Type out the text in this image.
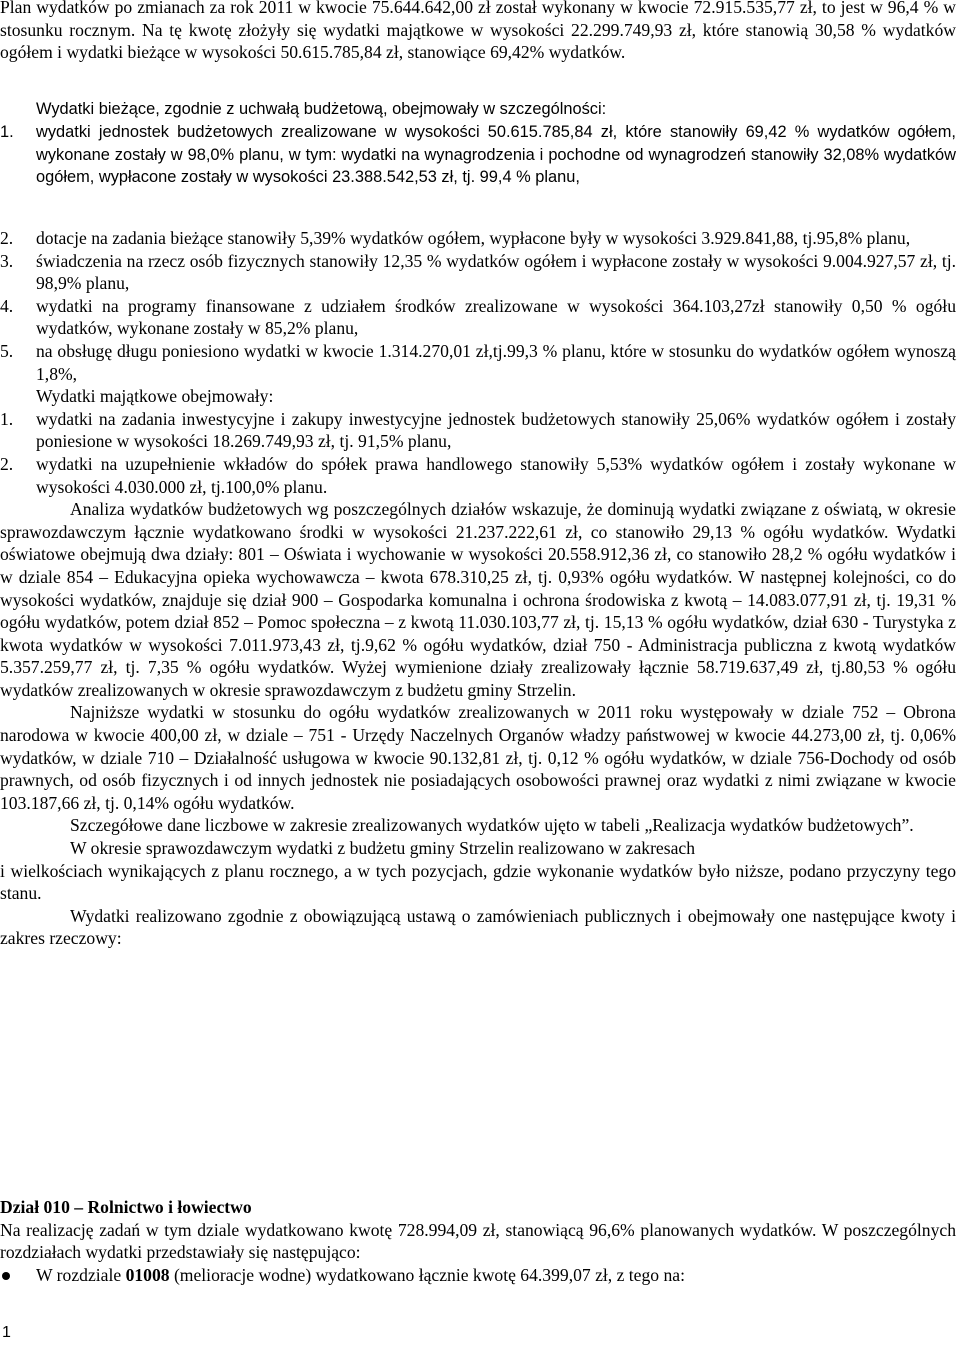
Plan wydatków po zmianach za rok 2011 w kwocie 75.644.642,00 zł został wykonany w kwocie 72.915.535,77 zł, to jest w 96,4 % w stosunku rocznym. Na tę kwotę złożyły się wydatki majątkowe w wysokości 22.299.749,93 zł, które stanowią 30,58 % wydatków ogółem i wydatki bieżące w wysokości 50.615.785,84 zł, stanowiące 69,42% wydatków.

Wydatki bieżące, zgodnie z uchwałą budżetową, obejmowały w szczególności:

1. wydatki jednostek budżetowych zrealizowane w wysokości 50.615.785,84 zł, które stanowiły 69,42 % wydatków ogółem, wykonane zostały w 98,0% planu, w tym: wydatki na wynagrodzenia i pochodne od wynagrodzeń stanowiły 32,08% wydatków ogółem, wypłacone zostały w wysokości 23.388.542,53 zł, tj. 99,4 % planu,

2. dotacje na zadania bieżące stanowiły 5,39% wydatków ogółem, wypłacone były w wysokości 3.929.841,88, tj.95,8% planu,

3. świadczenia na rzecz osób fizycznych stanowiły 12,35 % wydatków ogółem i wypłacone zostały w wysokości 9.004.927,57 zł, tj. 98,9% planu,

4. wydatki na programy finansowane z udziałem środków zrealizowane w wysokości 364.103,27zł stanowiły 0,50 % ogółu wydatków, wykonane zostały w 85,2% planu,

5. na obsługę długu poniesiono wydatki w kwocie 1.314.270,01 zł,tj.99,3 % planu, które w stosunku do wydatków ogółem wynoszą 1,8%,

Wydatki majątkowe obejmowały:

1. wydatki na zadania inwestycyjne i zakupy inwestycyjne jednostek budżetowych stanowiły 25,06% wydatków ogółem i zostały poniesione w wysokości 18.269.749,93 zł, tj. 91,5% planu,

2. wydatki na uzupełnienie wkładów do spółek prawa handlowego stanowiły 5,53% wydatków ogółem i zostały wykonane w wysokości 4.030.000 zł, tj.100,0% planu.

Analiza wydatków budżetowych wg poszczególnych działów wskazuje, że dominują wydatki związane z oświatą, w okresie sprawozdawczym łącznie wydatkowano środki w wysokości 21.237.222,61 zł, co stanowiło 29,13 % ogółu wydatków. Wydatki oświatowe obejmują dwa działy: 801 – Oświata i wychowanie w wysokości 20.558.912,36 zł, co stanowiło 28,2 % ogółu wydatków i w dziale 854 – Edukacyjna opieka wychowawcza – kwota 678.310,25 zł, tj. 0,93% ogółu wydatków. W następnej kolejności, co do wysokości wydatków, znajduje się dział 900 – Gospodarka komunalna i ochrona środowiska z kwotą – 14.083.077,91 zł, tj. 19,31 % ogółu wydatków, potem dział 852 – Pomoc społeczna – z kwotą 11.030.103,77 zł, tj. 15,13 % ogółu wydatków, dział 630 - Turystyka z kwota wydatków w wysokości 7.011.973,43 zł, tj.9,62 % ogółu wydatków, dział 750 - Administracja publiczna z kwotą wydatków 5.357.259,77 zł, tj. 7,35 % ogółu wydatków. Wyżej wymienione działy zrealizowały łącznie 58.719.637,49 zł, tj.80,53 % ogółu wydatków zrealizowanych w okresie sprawozdawczym z budżetu gminy Strzelin.

Najniższe wydatki w stosunku do ogółu wydatków zrealizowanych w 2011 roku występowały w dziale 752 – Obrona narodowa w kwocie 400,00 zł, w dziale – 751 - Urzędy Naczelnych Organów władzy państwowej w kwocie 44.273,00 zł, tj. 0,06% wydatków, w dziale 710 – Działalność usługowa w kwocie 90.132,81 zł, tj. 0,12 % ogółu wydatków, w dziale 756-Dochody od osób prawnych, od osób fizycznych i od innych jednostek nie posiadających osobowości prawnej oraz wydatki z nimi związane w kwocie 103.187,66 zł, tj. 0,14% ogółu wydatków.

Szczegółowe dane liczbowe w zakresie zrealizowanych wydatków ujęto w tabeli „Realizacja wydatków budżetowych”.

W okresie sprawozdawczym wydatki z budżetu gminy Strzelin realizowano w zakresach

i wielkościach wynikających z planu rocznego, a w tych pozycjach, gdzie wykonanie wydatków było niższe, podano przyczyny tego stanu.

Wydatki realizowano zgodnie z obowiązującą ustawą o zamówieniach publicznych i obejmowały one następujące kwoty i zakres rzeczowy:

Dział 010 – Rolnictwo i łowiectwo

Na realizację zadań w tym dziale wydatkowano kwotę 728.994,09 zł, stanowiącą 96,6% planowanych wydatków. W poszczególnych rozdziałach wydatki przedstawiały się następująco:

W rozdziale 01008 (melioracje wodne) wydatkowano łącznie kwotę 64.399,07 zł, z tego na:
1
